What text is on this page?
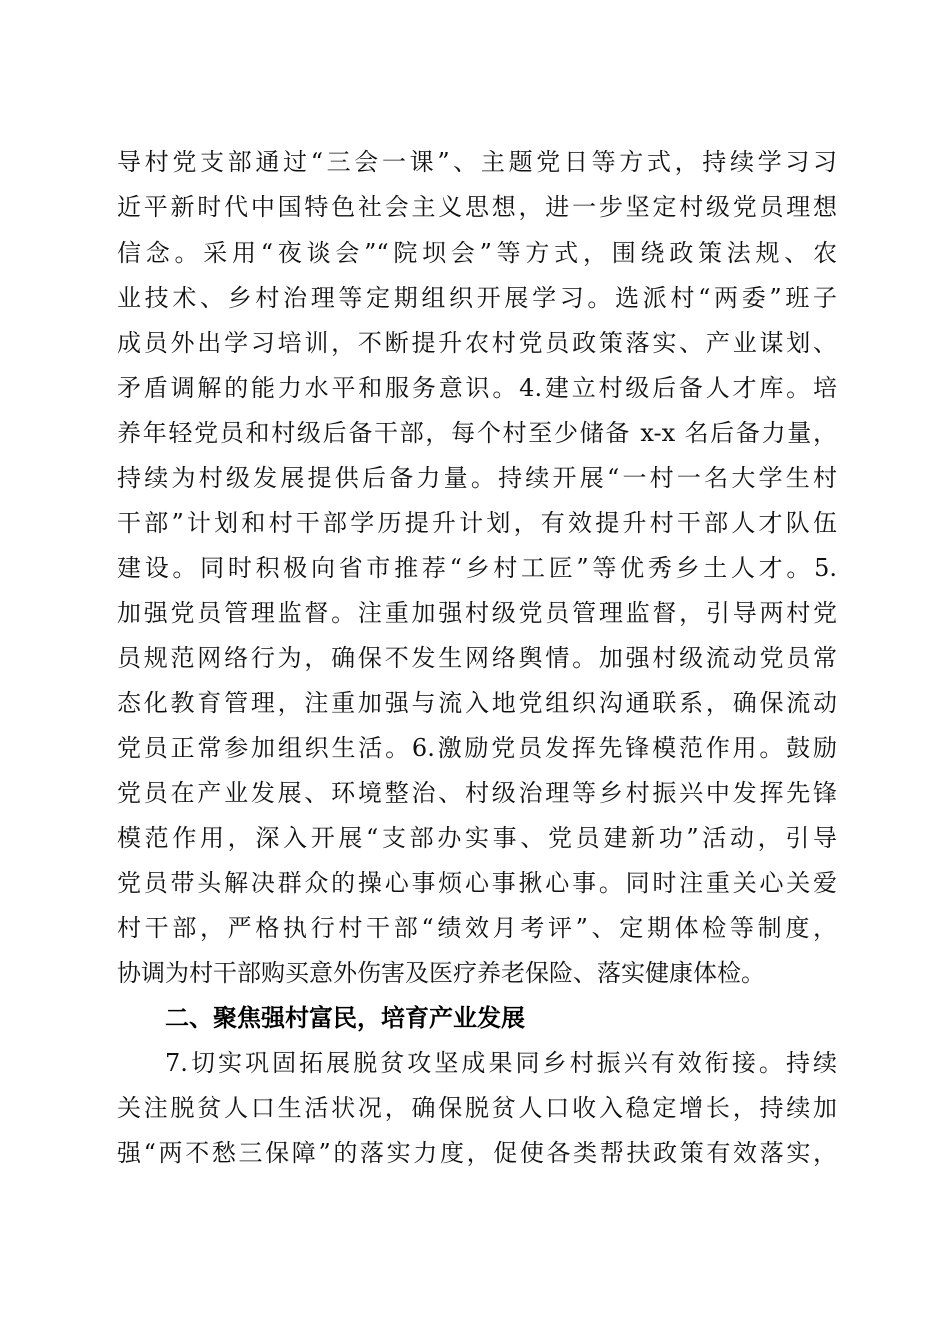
导村党支部通过“三会一课”、主题党日等方式，持续学习习
近平新时代中国特色社会主义思想，进一步坚定村级党员理想
信念。采用“夜谈会”“院坝会”等方式，围绕政策法规、农
业技术、乡村治理等定期组织开展学习。选派村“两委”班子
成员外出学习培训，不断提升农村党员政策落实、产业谋划、
矛盾调解的能力水平和服务意识。4.建立村级后备人才库。培
养年轻党员和村级后备干部，每个村至少储备 x-x 名后备力量，
持续为村级发展提供后备力量。持续开展“一村一名大学生村
干部”计划和村干部学历提升计划，有效提升村干部人才队伍
建设。同时积极向省市推荐“乡村工匠”等优秀乡土人才。5.
加强党员管理监督。注重加强村级党员管理监督，引导两村党
员规范网络行为，确保不发生网络舆情。加强村级流动党员常
态化教育管理，注重加强与流入地党组织沟通联系，确保流动
党员正常参加组织生活。6.激励党员发挥先锋模范作用。鼓励
党员在产业发展、环境整治、村级治理等乡村振兴中发挥先锋
模范作用，深入开展“支部办实事、党员建新功”活动，引导
党员带头解决群众的操心事烦心事揪心事。同时注重关心关爱
村干部，严格执行村干部“绩效月考评”、定期体检等制度，
协调为村干部购买意外伤害及医疗养老保险、落实健康体检。
二、聚焦强村富民，培育产业发展
7.切实巩固拓展脱贫攻坚成果同乡村振兴有效衔接。持续
关注脱贫人口生活状况，确保脱贫人口收入稳定增长，持续加
强“两不愁三保障”的落实力度，促使各类帮扶政策有效落实，
